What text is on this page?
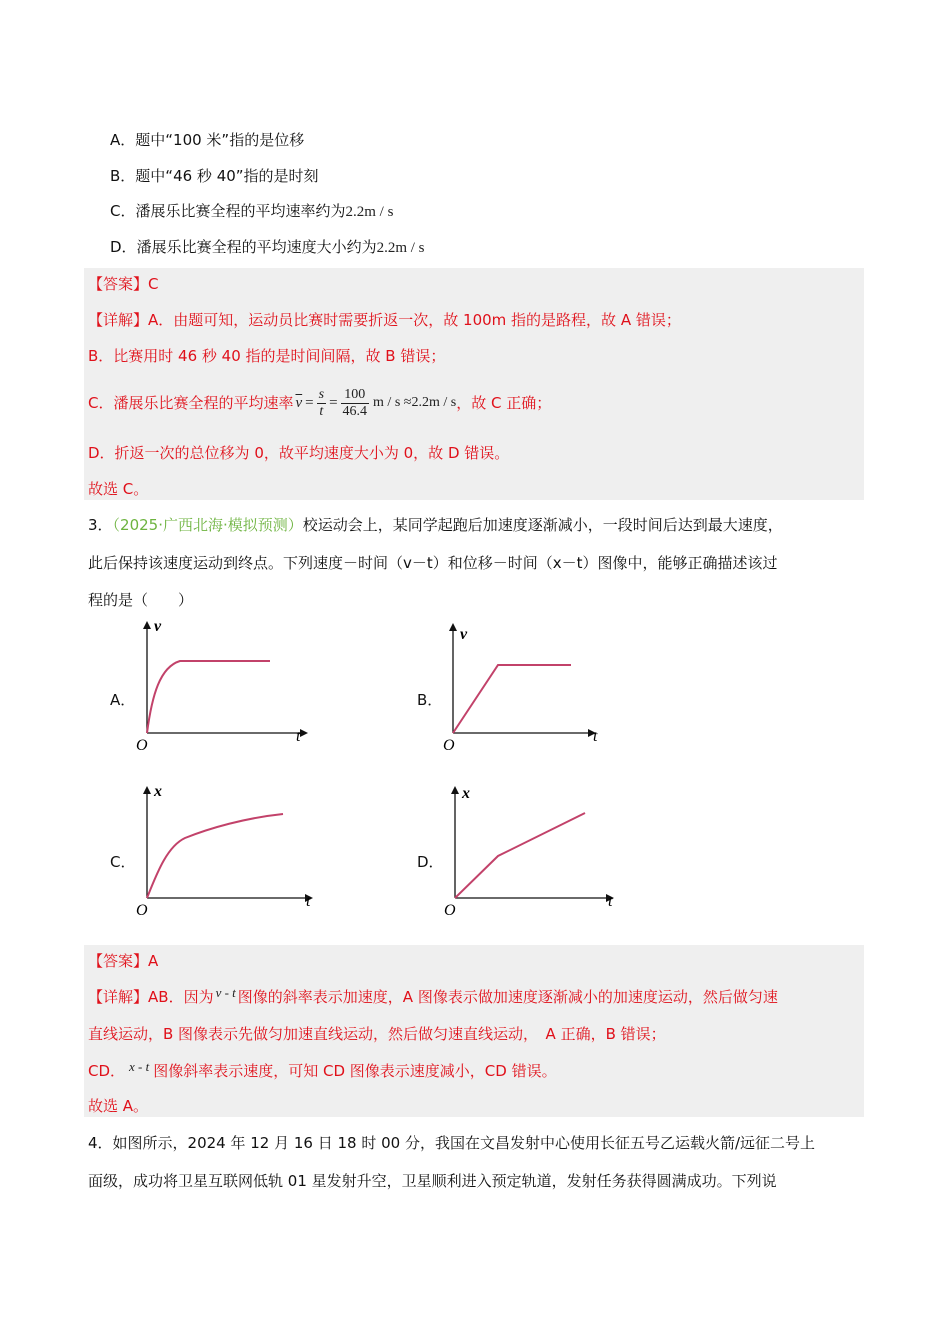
A．题中“100 米”指的是位移
B．题中“46 秒 40”指的是时刻
C．潘展乐比赛全程的平均速率约为2.2m / s
D．潘展乐比赛全程的平均速度大小约为2.2m / s
【答案】C
【详解】A．由题可知，运动员比赛时需要折返一次，故 100m 指的是路程，故 A 错误；
B．比赛用时 46 秒 40 指的是时间间隔，故 B 错误；
C．潘展乐比赛全程的平均速率 $\overline{v} = \frac{s}{t} = \frac{100}{46.4}$ m / s ≈2.2m / s ，故 C 正确；
D．折返一次的总位移为 0，故平均速度大小为 0，故 D 错误。
故选 C。
3．（2025·广西北海·模拟预测）校运动会上，某同学起跑后加速度逐渐减小，一段时间后达到最大速度，
此后保持该速度运动到终点。下列速度－时间（v－t）和位移－时间（x－t）图像中，能够正确描述该过
程的是（　　）
A．	B．
C．	D．
v
t
O
v
t
O
x
t
O
x
t
O
【答案】A
【详解】AB．因为 v - t 图像的斜率表示加速度，A 图像表示做加速度逐渐减小的加速度运动，然后做匀速
直线运动，B 图像表示先做匀加速直线运动，然后做匀速直线运动，　A 正确，B 错误；
CD． x - t 图像斜率表示速度，可知 CD 图像表示速度减小，CD 错误。
故选 A。
4．如图所示，2024 年 12 月 16 日 18 时 00 分，我国在文昌发射中心使用长征五号乙运载火箭/远征二号上
面级，成功将卫星互联网低轨 01 星发射升空，卫星顺利进入预定轨道，发射任务获得圆满成功。下列说
